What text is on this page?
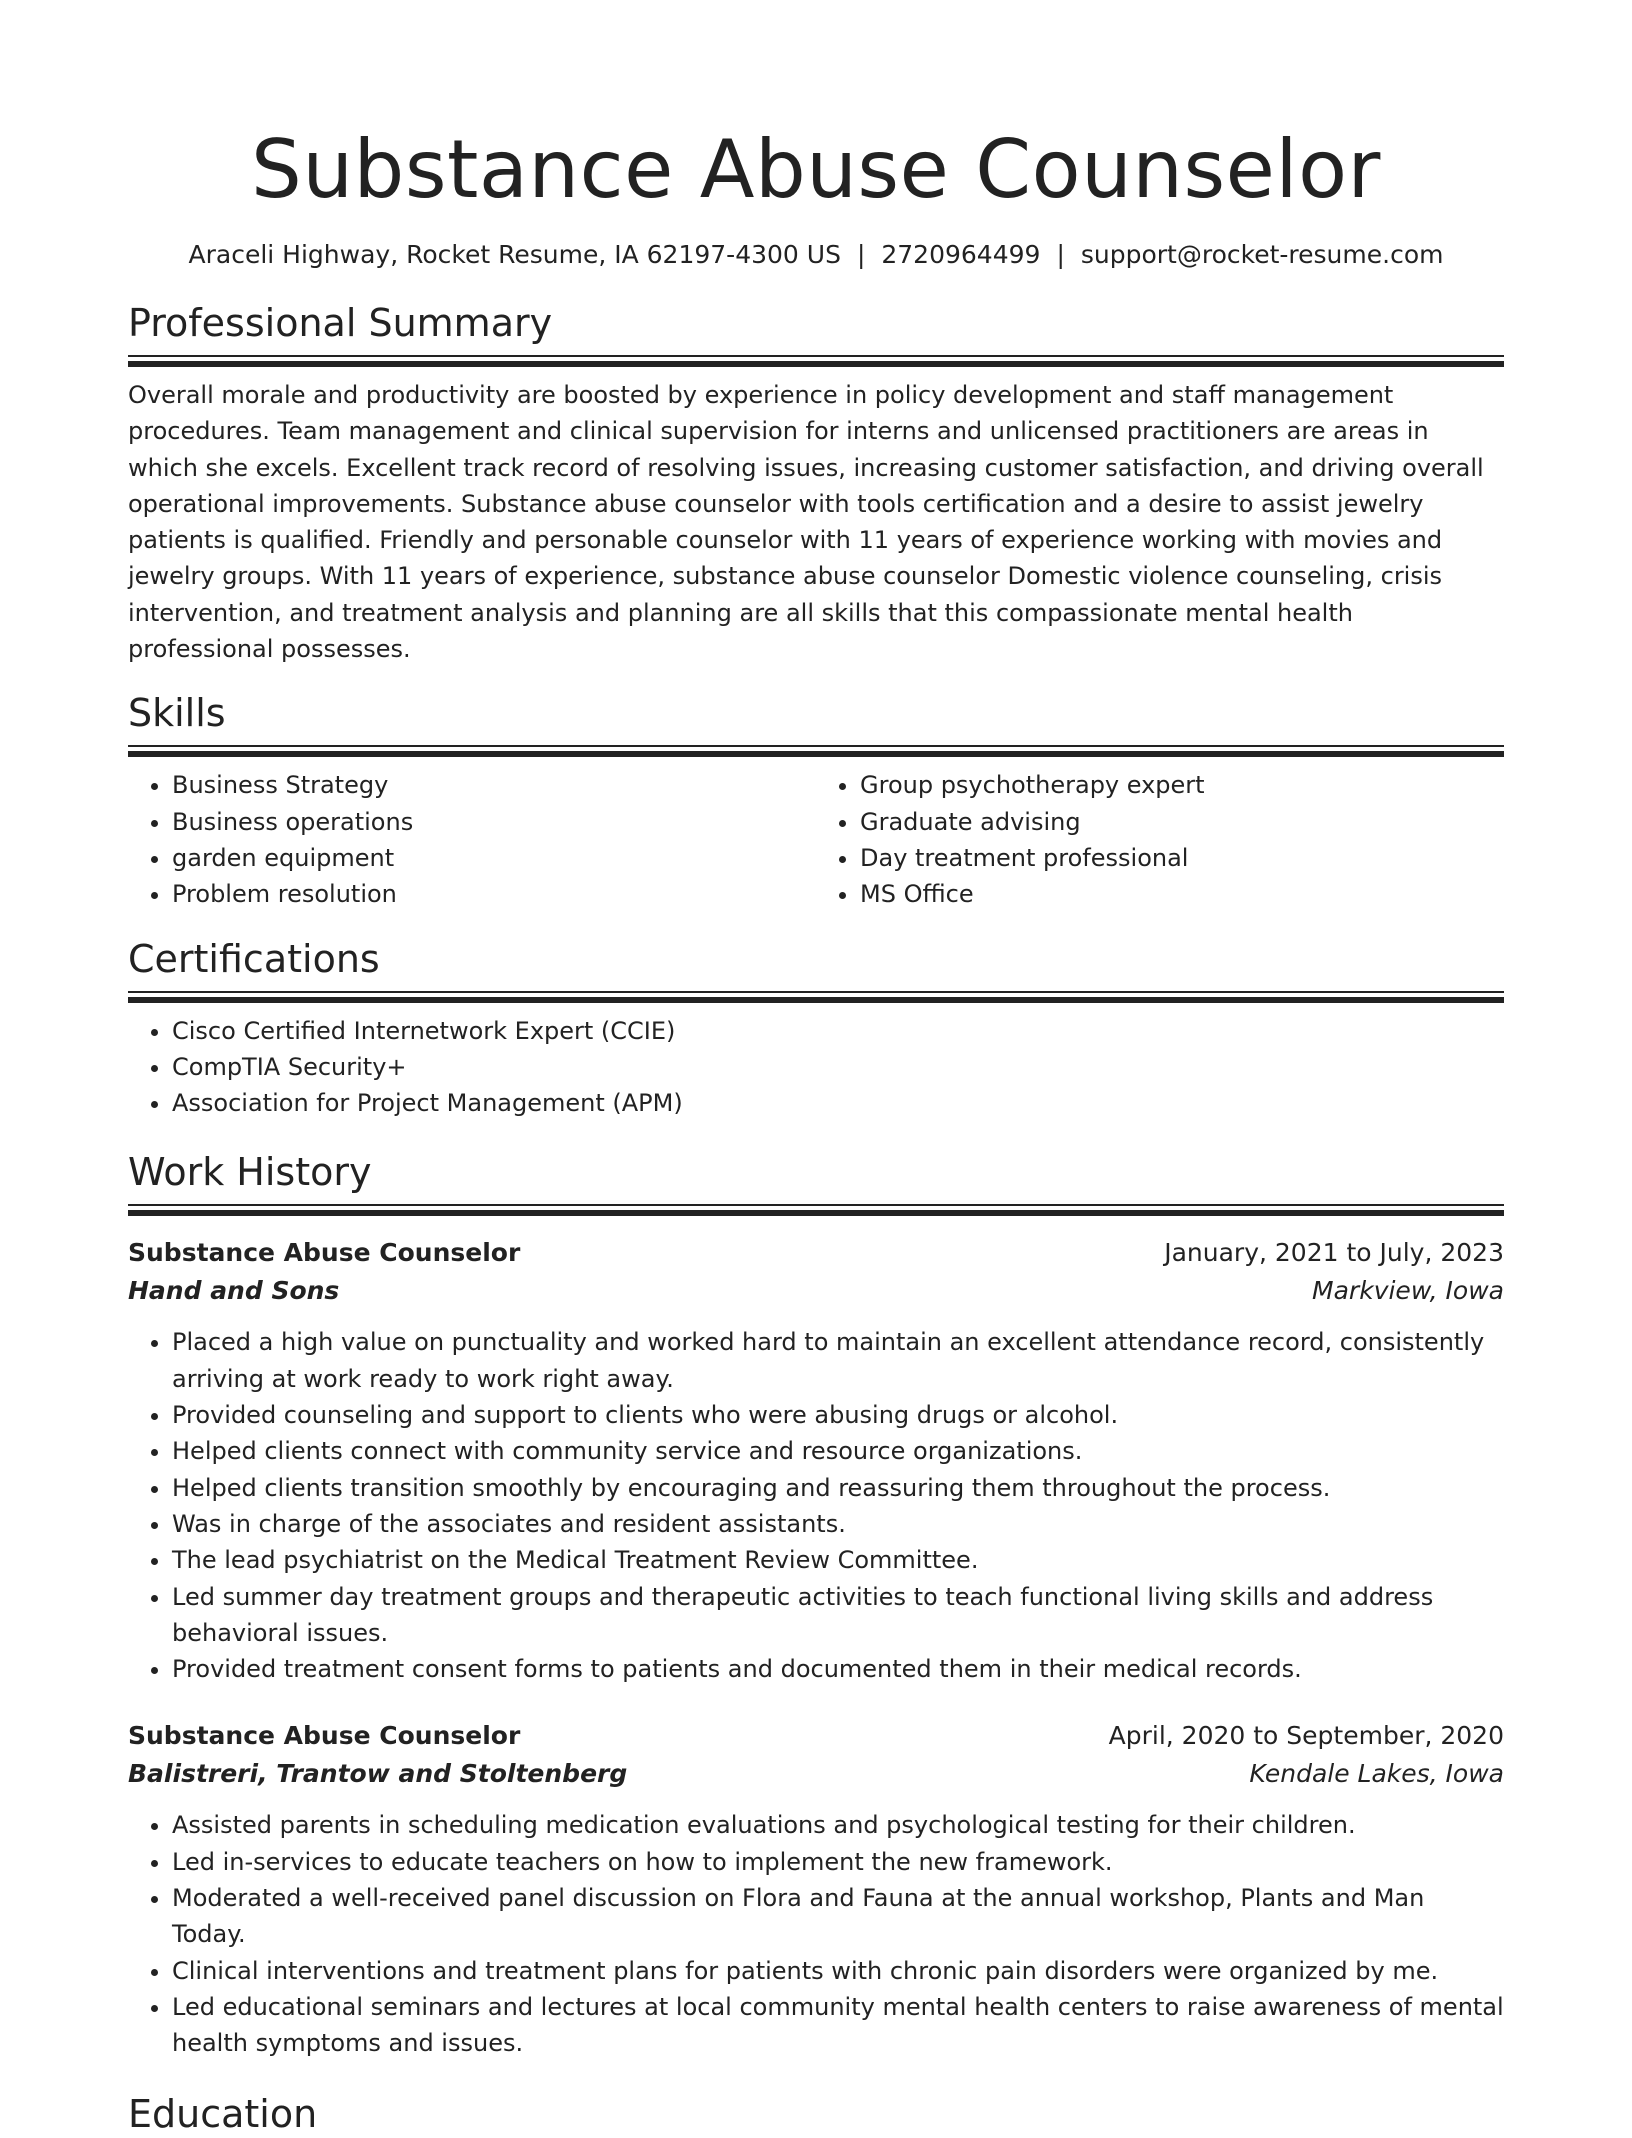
Substance Abuse Counselor
Araceli Highway, Rocket Resume, IA 62197-4300 US | 2720964499 | support@rocket-resume.com
Professional Summary

Overall morale and productivity are boosted by experience in policy development and staff management procedures. Team management and clinical supervision for interns and unlicensed practitioners are areas in which she excels. Excellent track record of resolving issues, increasing customer satisfaction, and driving overall operational improvements. Substance abuse counselor with tools certification and a desire to assist jewelry patients is qualified. Friendly and personable counselor with 11 years of experience working with movies and jewelry groups. With 11 years of experience, substance abuse counselor Domestic violence counseling, crisis intervention, and treatment analysis and planning are all skills that this compassionate mental health professional possesses.

Skills
• Business Strategy
• Business operations
• garden equipment
• Problem resolution
• Group psychotherapy expert
• Graduate advising
• Day treatment professional
• MS Office
Certifications
• Cisco Certified Internetwork Expert (CCIE)
• CompTIA Security+
• Association for Project Management (APM)
Work History
Substance Abuse Counselor	January, 2021 to July, 2023
Hand and Sons	Markview, Iowa
• Placed a high value on punctuality and worked hard to maintain an excellent attendance record, consistently arriving at work ready to work right away.
• Provided counseling and support to clients who were abusing drugs or alcohol.
• Helped clients connect with community service and resource organizations.
• Helped clients transition smoothly by encouraging and reassuring them throughout the process.
• Was in charge of the associates and resident assistants.
• The lead psychiatrist on the Medical Treatment Review Committee.
• Led summer day treatment groups and therapeutic activities to teach functional living skills and address behavioral issues.
• Provided treatment consent forms to patients and documented them in their medical records.
Substance Abuse Counselor	April, 2020 to September, 2020
Balistreri, Trantow and Stoltenberg	Kendale Lakes, Iowa
• Assisted parents in scheduling medication evaluations and psychological testing for their children.
• Led in-services to educate teachers on how to implement the new framework.
• Moderated a well-received panel discussion on Flora and Fauna at the annual workshop, Plants and Man Today.
• Clinical interventions and treatment plans for patients with chronic pain disorders were organized by me.
• Led educational seminars and lectures at local community mental health centers to raise awareness of mental health symptoms and issues.
Education
